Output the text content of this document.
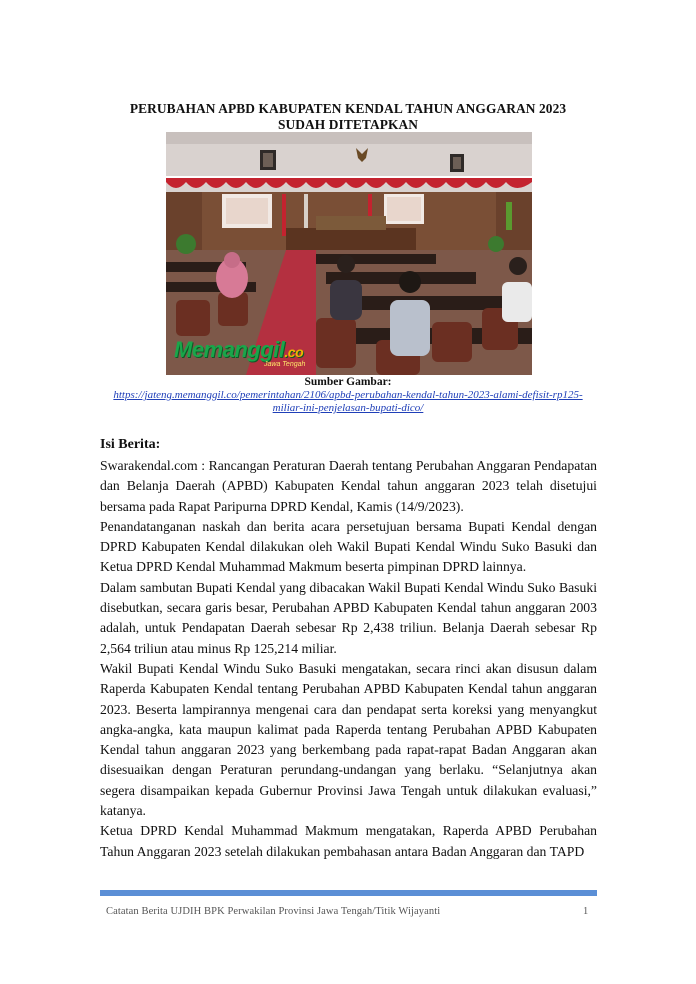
PERUBAHAN APBD KABUPATEN KENDAL TAHUN ANGGARAN 2023
SUDAH DITETAPKAN
Memanggil.co
Jawa Tengah
Sumber Gambar:
https://jateng.memanggil.co/pemerintahan/2106/apbd-perubahan-kendal-tahun-2023-alami-defisit-rp125-miliar-ini-penjelasan-bupati-dico/
Isi Berita:

Swarakendal.com : Rancangan Peraturan Daerah tentang Perubahan Anggaran Pendapatan dan Belanja Daerah (APBD) Kabupaten Kendal tahun anggaran 2023 telah disetujui bersama pada Rapat Paripurna DPRD Kendal, Kamis (14/9/2023).

Penandatanganan naskah dan berita acara persetujuan bersama Bupati Kendal dengan DPRD Kabupaten Kendal dilakukan oleh Wakil Bupati Kendal Windu Suko Basuki dan Ketua DPRD Kendal Muhammad Makmum beserta pimpinan DPRD lainnya.

Dalam sambutan Bupati Kendal yang dibacakan Wakil Bupati Kendal Windu Suko Basuki disebutkan, secara garis besar, Perubahan APBD Kabupaten Kendal tahun anggaran 2003 adalah, untuk Pendapatan Daerah sebesar Rp 2,438 triliun. Belanja Daerah sebesar Rp 2,564 triliun atau minus Rp 125,214 miliar.

Wakil Bupati Kendal Windu Suko Basuki mengatakan, secara rinci akan disusun dalam Raperda Kabupaten Kendal tentang Perubahan APBD Kabupaten Kendal tahun anggaran 2023. Beserta lampirannya mengenai cara dan pendapat serta koreksi yang menyangkut angka-angka, kata maupun kalimat pada Raperda tentang Perubahan APBD Kabupaten Kendal tahun anggaran 2023 yang berkembang pada rapat-rapat Badan Anggaran akan disesuaikan dengan Peraturan perundang-undangan yang berlaku. “Selanjutnya akan segera disampaikan kepada Gubernur Provinsi Jawa Tengah untuk dilakukan evaluasi,” katanya.

Ketua DPRD Kendal Muhammad Makmum mengatakan, Raperda APBD Perubahan Tahun Anggaran 2023 setelah dilakukan pembahasan antara Badan Anggaran dan TAPD

Catatan Berita UJDIH BPK Perwakilan Provinsi Jawa Tengah/Titik Wijayanti	1
